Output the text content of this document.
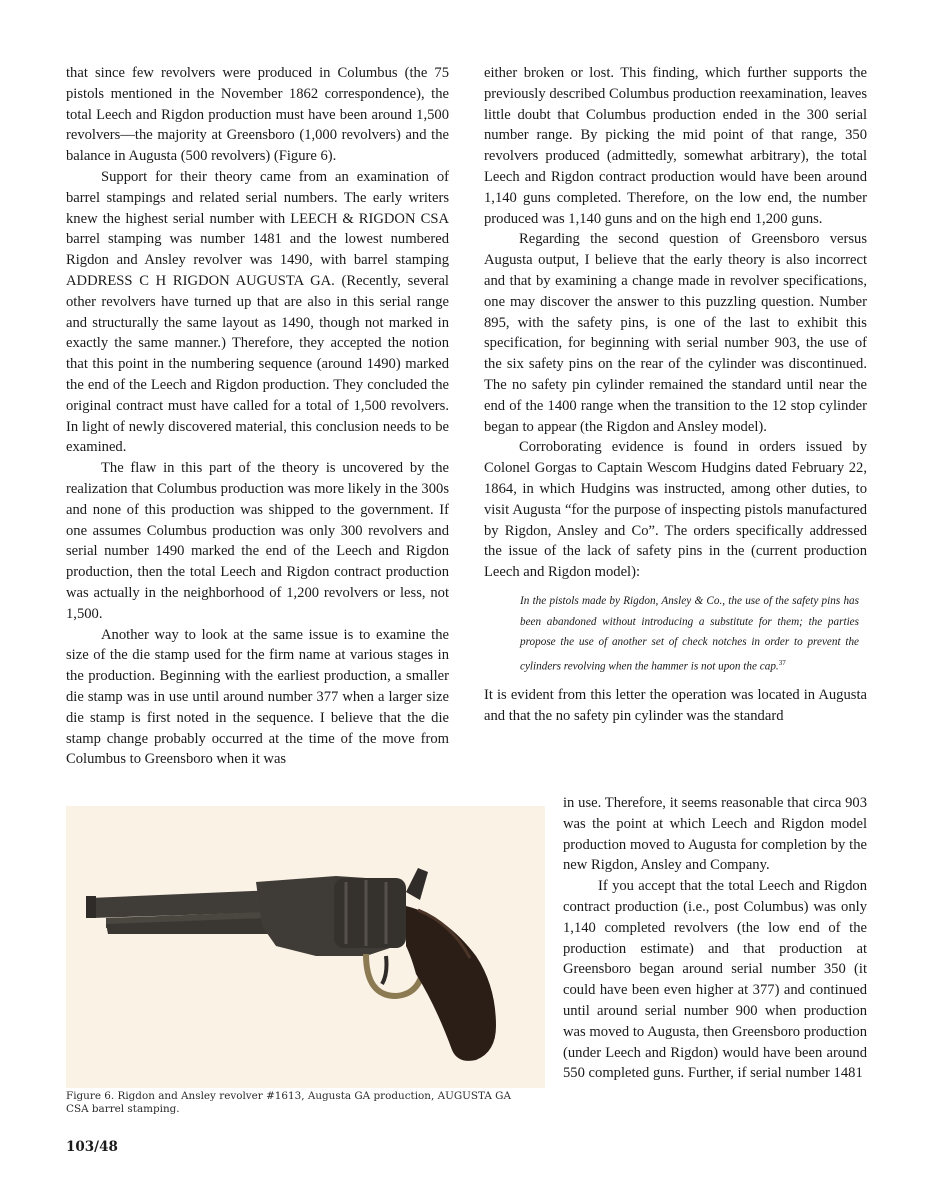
that since few revolvers were produced in Columbus (the 75 pistols mentioned in the November 1862 correspondence), the total Leech and Rigdon production must have been around 1,500 revolvers—the majority at Greensboro (1,000 revolvers) and the balance in Augusta (500 revolvers) (Figure 6).

Support for their theory came from an examination of barrel stampings and related serial numbers. The early writers knew the highest serial number with LEECH & RIGDON CSA barrel stamping was number 1481 and the lowest numbered Rigdon and Ansley revolver was 1490, with barrel stamping ADDRESS C H RIGDON AUGUSTA GA. (Recently, several other revolvers have turned up that are also in this serial range and structurally the same layout as 1490, though not marked in exactly the same manner.) Therefore, they accepted the notion that this point in the numbering sequence (around 1490) marked the end of the Leech and Rigdon production. They concluded the original contract must have called for a total of 1,500 revolvers. In light of newly discovered material, this conclusion needs to be examined.

The flaw in this part of the theory is uncovered by the realization that Columbus production was more likely in the 300s and none of this production was shipped to the government. If one assumes Columbus production was only 300 revolvers and serial number 1490 marked the end of the Leech and Rigdon production, then the total Leech and Rigdon contract production was actually in the neighborhood of 1,200 revolvers or less, not 1,500.

Another way to look at the same issue is to examine the size of the die stamp used for the firm name at various stages in the production. Beginning with the earliest production, a smaller die stamp was in use until around number 377 when a larger size die stamp is first noted in the sequence. I believe that the die stamp change probably occurred at the time of the move from Columbus to Greensboro when it was

either broken or lost. This finding, which further supports the previously described Columbus production reexamination, leaves little doubt that Columbus production ended in the 300 serial number range. By picking the mid point of that range, 350 revolvers produced (admittedly, somewhat arbitrary), the total Leech and Rigdon contract production would have been around 1,140 guns completed. Therefore, on the low end, the number produced was 1,140 guns and on the high end 1,200 guns.

Regarding the second question of Greensboro versus Augusta output, I believe that the early theory is also incorrect and that by examining a change made in revolver specifications, one may discover the answer to this puzzling question. Number 895, with the safety pins, is one of the last to exhibit this specification, for beginning with serial number 903, the use of the six safety pins on the rear of the cylinder was discontinued. The no safety pin cylinder remained the standard until near the end of the 1400 range when the transition to the 12 stop cylinder began to appear (the Rigdon and Ansley model).

Corroborating evidence is found in orders issued by Colonel Gorgas to Captain Wescom Hudgins dated February 22, 1864, in which Hudgins was instructed, among other duties, to visit Augusta “for the purpose of inspecting pistols manufactured by Rigdon, Ansley and Co”. The orders specifically addressed the issue of the lack of safety pins in the (current production Leech and Rigdon model):

In the pistols made by Rigdon, Ansley & Co., the use of the safety pins has been abandoned without introducing a substitute for them; the parties propose the use of another set of check notches in order to prevent the cylinders revolving when the hammer is not upon the cap.$^{37}$

It is evident from this letter the operation was located in Augusta and that the no safety pin cylinder was the standard

Figure 6. Rigdon and Ansley revolver #1613, Augusta GA production, AUGUSTA GA CSA barrel stamping.

in use. Therefore, it seems reasonable that circa 903 was the point at which Leech and Rigdon model production moved to Augusta for completion by the new Rigdon, Ansley and Company.

If you accept that the total Leech and Rigdon contract production (i.e., post Columbus) was only 1,140 completed revolvers (the low end of the production estimate) and that production at Greensboro began around serial number 350 (it could have been even higher at 377) and continued until around serial number 900 when production was moved to Augusta, then Greensboro production (under Leech and Rigdon) would have been around 550 completed guns. Further, if serial number 1481

103/48
